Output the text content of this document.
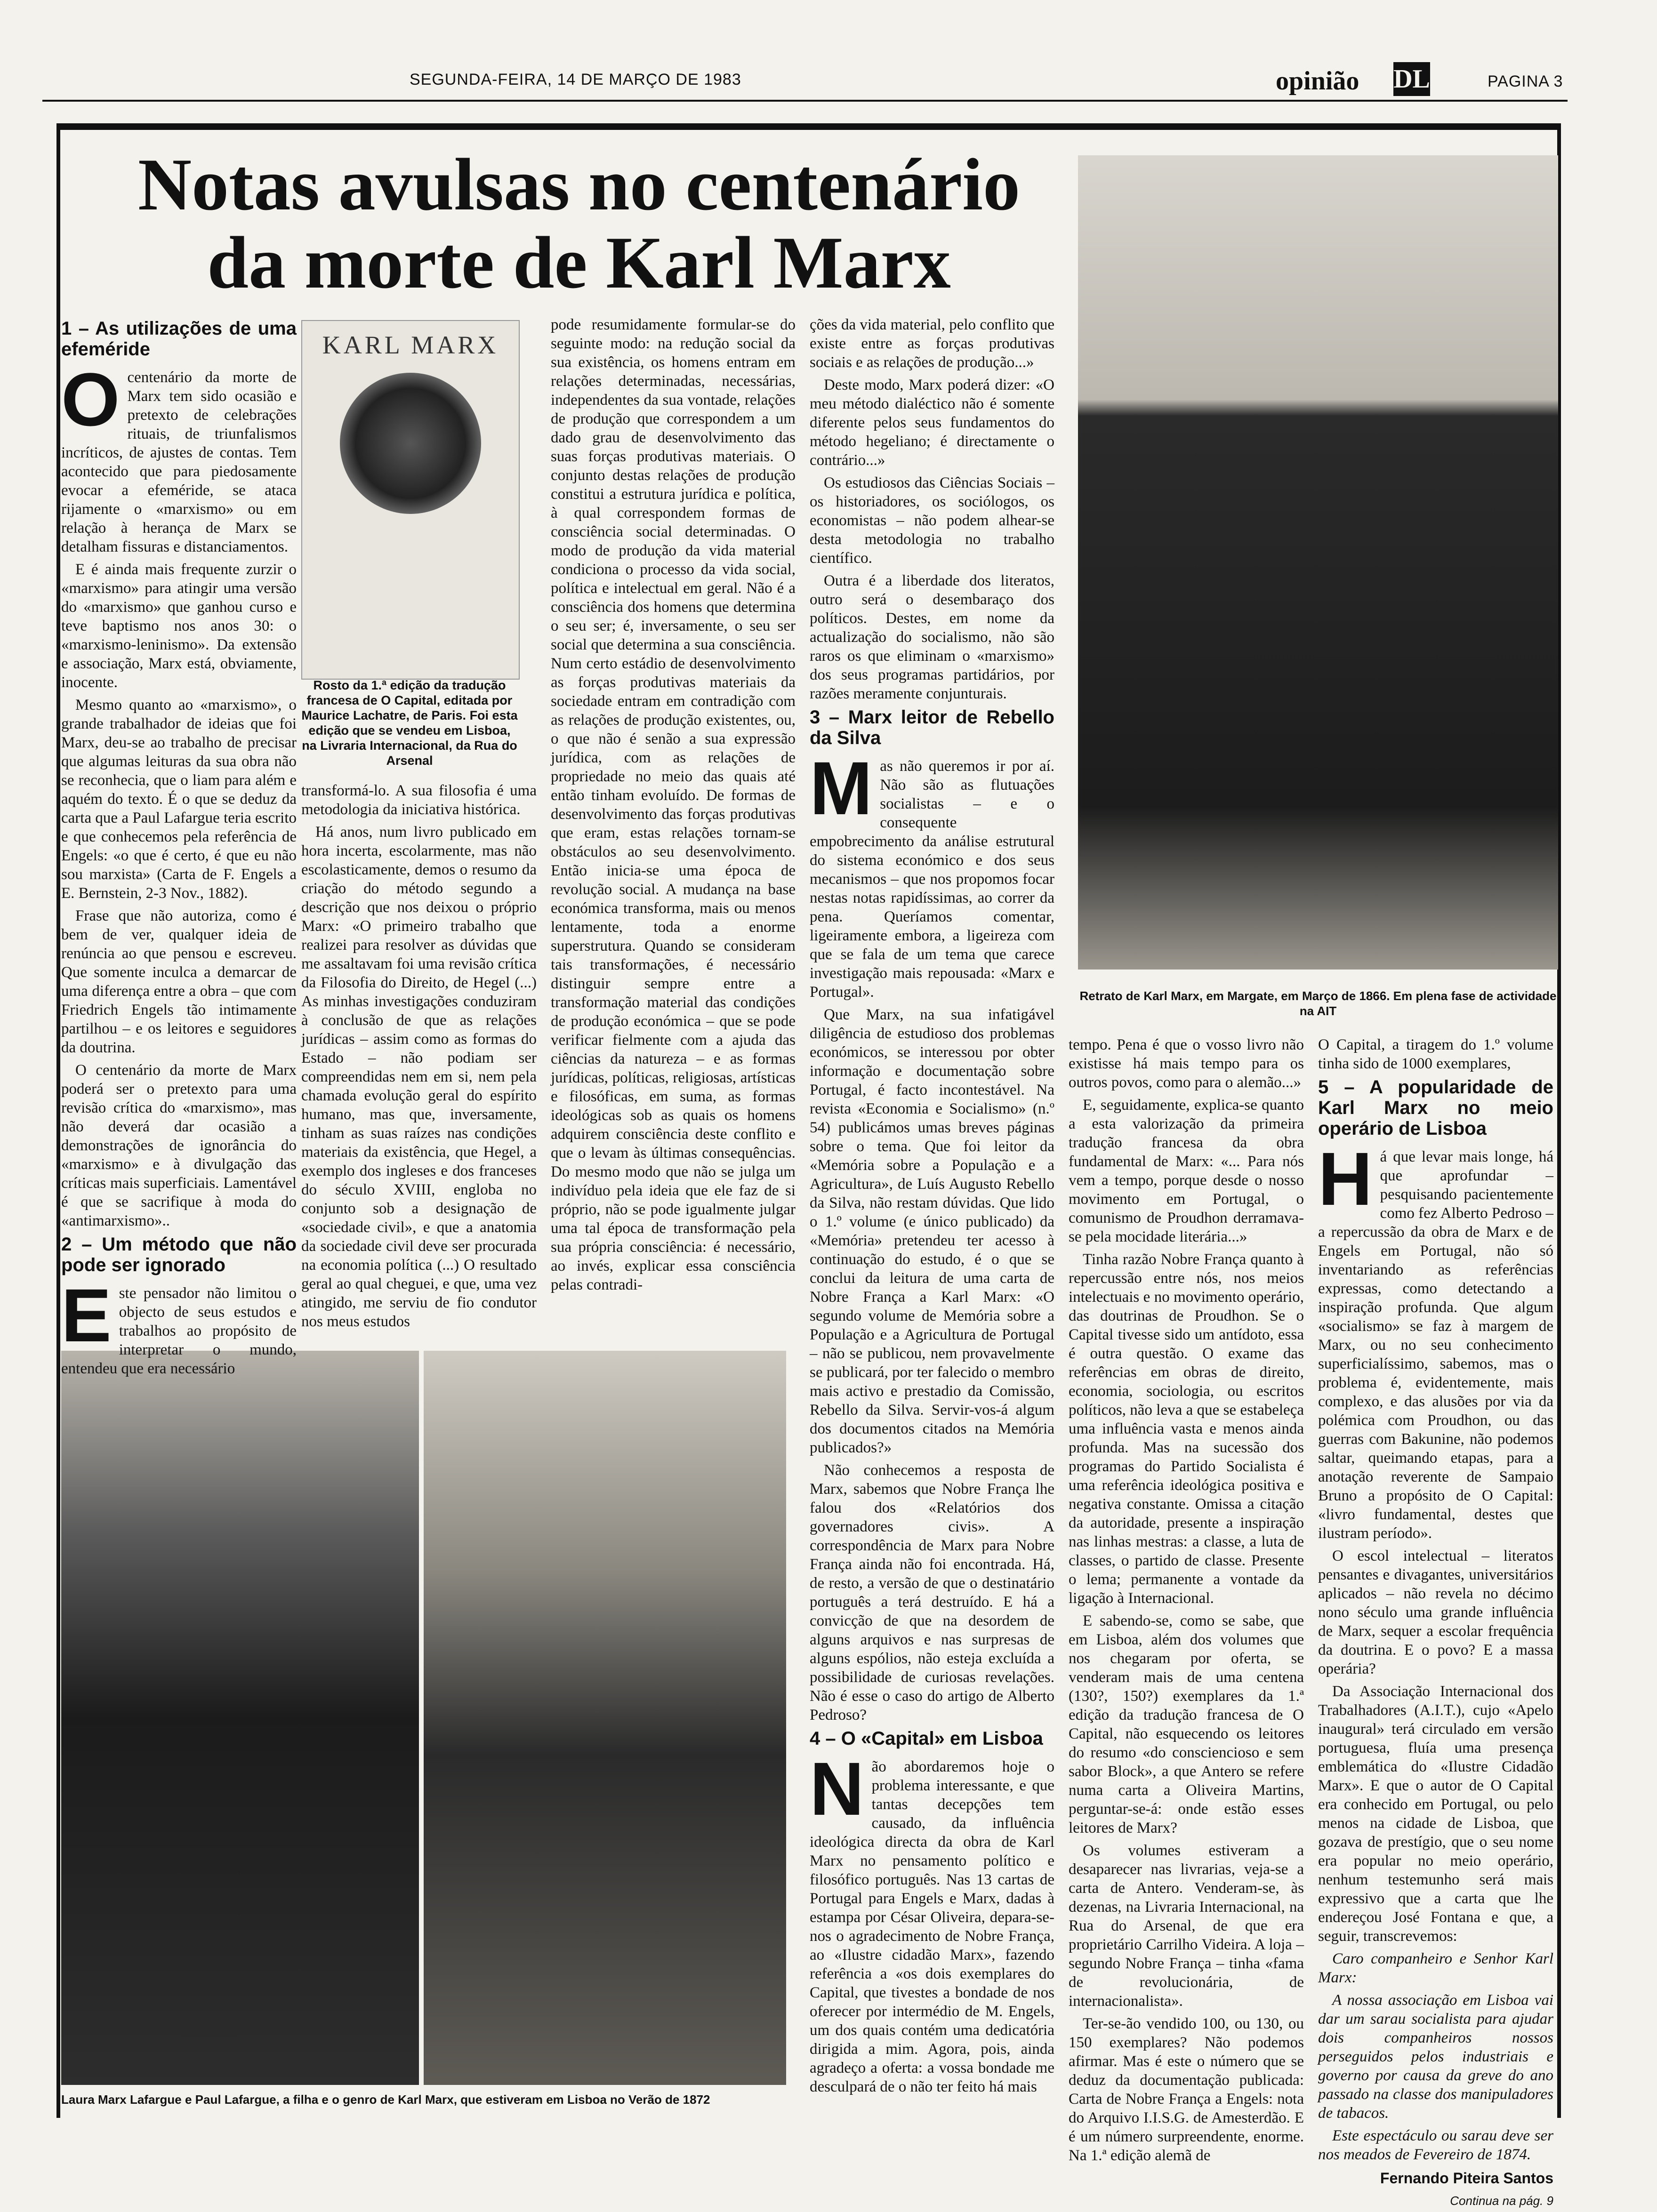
SEGUNDA-FEIRA, 14 DE MARÇO DE 1983	opinião DL	PAGINA 3
Notas avulsas no centenário
da morte de Karl Marx
KARL MARX
Rosto da 1.ª edição da tradução francesa de O Capital, editada por Maurice Lachatre, de Paris. Foi esta edição que se vendeu em Lisboa, na Livraria Internacional, da Rua do Arsenal
Retrato de Karl Marx, em Margate, em Março de 1866. Em plena fase de actividade na AIT
Laura Marx Lafargue e Paul Lafargue, a filha e o genro de Karl Marx, que estiveram em Lisboa no Verão de 1872
1 – As utilizações de uma efeméride

Ocentenário da morte de Marx tem sido ocasião e pretexto de celebrações rituais, de triunfalismos incríticos, de ajustes de contas. Tem acontecido que para piedosamente evocar a efeméride, se ataca rijamente o «marxismo» ou em relação à herança de Marx se detalham fissuras e distanciamentos.

E é ainda mais frequente zurzir o «marxismo» para atingir uma versão do «marxismo» que ganhou curso e teve baptismo nos anos 30: o «marxismo-leninismo». Da extensão e associação, Marx está, obviamente, inocente.

Mesmo quanto ao «marxismo», o grande trabalhador de ideias que foi Marx, deu-se ao trabalho de precisar que algumas leituras da sua obra não se reconhecia, que o liam para além e aquém do texto. É o que se deduz da carta que a Paul Lafargue teria escrito e que conhecemos pela referência de Engels: «o que é certo, é que eu não sou marxista» (Carta de F. Engels a E. Bernstein, 2-3 Nov., 1882).

Frase que não autoriza, como é bem de ver, qualquer ideia de renúncia ao que pensou e escreveu. Que somente inculca a demarcar de uma diferença entre a obra – que com Friedrich Engels tão intimamente partilhou – e os leitores e seguidores da doutrina.

O centenário da morte de Marx poderá ser o pretexto para uma revisão crítica do «marxismo», mas não deverá dar ocasião a demonstrações de ignorância do «marxismo» e à divulgação das críticas mais superficiais. Lamentável é que se sacrifique à moda do «antimarxismo»..

2 – Um método que não pode ser ignorado

Este pensador não limitou o objecto de seus estudos e trabalhos ao propósito de interpretar o mundo, entendeu que era necessário

transformá-lo. A sua filosofia é uma metodologia da iniciativa histórica.

Há anos, num livro publicado em hora incerta, escolarmente, mas não escolasticamente, demos o resumo da criação do método segundo a descrição que nos deixou o próprio Marx: «O primeiro trabalho que realizei para resolver as dúvidas que me assaltavam foi uma revisão crítica da Filosofia do Direito, de Hegel (...) As minhas investigações conduziram à conclusão de que as relações jurídicas – assim como as formas do Estado – não podiam ser compreendidas nem em si, nem pela chamada evolução geral do espírito humano, mas que, inversamente, tinham as suas raízes nas condições materiais da existência, que Hegel, a exemplo dos ingleses e dos franceses do século XVIII, engloba no conjunto sob a designação de «sociedade civil», e que a anatomia da sociedade civil deve ser procurada na economia política (...) O resultado geral ao qual cheguei, e que, uma vez atingido, me serviu de fio condutor nos meus estudos

pode resumidamente formular-se do seguinte modo: na redução social da sua existência, os homens entram em relações determinadas, necessárias, independentes da sua vontade, relações de produção que correspondem a um dado grau de desenvolvimento das suas forças produtivas materiais. O conjunto destas relações de produção constitui a estrutura jurídica e política, à qual correspondem formas de consciência social determinadas. O modo de produção da vida material condiciona o processo da vida social, política e intelectual em geral. Não é a consciência dos homens que determina o seu ser; é, inversamente, o seu ser social que determina a sua consciência. Num certo estádio de desenvolvimento as forças produtivas materiais da sociedade entram em contradição com as relações de produção existentes, ou, o que não é senão a sua expressão jurídica, com as relações de propriedade no meio das quais até então tinham evoluído. De formas de desenvolvimento das forças produtivas que eram, estas relações tornam-se obstáculos ao seu desenvolvimento. Então inicia-se uma época de revolução social. A mudança na base económica transforma, mais ou menos lentamente, toda a enorme superstrutura. Quando se consideram tais transformações, é necessário distinguir sempre entre a transformação material das condições de produção económica – que se pode verificar fielmente com a ajuda das ciências da natureza – e as formas jurídicas, políticas, religiosas, artísticas e filosóficas, em suma, as formas ideológicas sob as quais os homens adquirem consciência deste conflito e que o levam às últimas consequências. Do mesmo modo que não se julga um indivíduo pela ideia que ele faz de si próprio, não se pode igualmente julgar uma tal época de transformação pela sua própria consciência: é necessário, ao invés, explicar essa consciência pelas contradi-

ções da vida material, pelo conflito que existe entre as forças produtivas sociais e as relações de produção...»

Deste modo, Marx poderá dizer: «O meu método dialéctico não é somente diferente pelos seus fundamentos do método hegeliano; é directamente o contrário...»

Os estudiosos das Ciências Sociais – os historiadores, os sociólogos, os economistas – não podem alhear-se desta metodologia no trabalho científico.

Outra é a liberdade dos literatos, outro será o desembaraço dos políticos. Destes, em nome da actualização do socialismo, não são raros os que eliminam o «marxismo» dos seus programas partidários, por razões meramente conjunturais.

3 – Marx leitor de Rebello da Silva

Mas não queremos ir por aí. Não são as flutuações socialistas – e o consequente empobrecimento da análise estrutural do sistema económico e dos seus mecanismos – que nos propomos focar nestas notas rapidíssimas, ao correr da pena. Queríamos comentar, ligeiramente embora, a ligeireza com que se fala de um tema que carece investigação mais repousada: «Marx e Portugal».

Que Marx, na sua infatigável diligência de estudioso dos problemas económicos, se interessou por obter informação e documentação sobre Portugal, é facto incontestável. Na revista «Economia e Socialismo» (n.º 54) publicámos umas breves páginas sobre o tema. Que foi leitor da «Memória sobre a População e a Agricultura», de Luís Augusto Rebello da Silva, não restam dúvidas. Que lido o 1.º volume (e único publicado) da «Memória» pretendeu ter acesso à continuação do estudo, é o que se conclui da leitura de uma carta de Nobre França a Karl Marx: «O segundo volume de Memória sobre a População e a Agricultura de Portugal – não se publicou, nem provavelmente se publicará, por ter falecido o membro mais activo e prestadio da Comissão, Rebello da Silva. Servir-vos-á algum dos documentos citados na Memória publicados?»

Não conhecemos a resposta de Marx, sabemos que Nobre França lhe falou dos «Relatórios dos governadores civis». A correspondência de Marx para Nobre França ainda não foi encontrada. Há, de resto, a versão de que o destinatário português a terá destruído. E há a convicção de que na desordem de alguns arquivos e nas surpresas de alguns espólios, não esteja excluída a possibilidade de curiosas revelações. Não é esse o caso do artigo de Alberto Pedroso?

4 – O «Capital» em Lisboa

Não abordaremos hoje o problema interessante, e que tantas decepções tem causado, da influência ideológica directa da obra de Karl Marx no pensamento político e filosófico português. Nas 13 cartas de Portugal para Engels e Marx, dadas à estampa por César Oliveira, depara-se-nos o agradecimento de Nobre França, ao «Ilustre cidadão Marx», fazendo referência a «os dois exemplares do Capital, que tivestes a bondade de nos oferecer por intermédio de M. Engels, um dos quais contém uma dedicatória dirigida a mim. Agora, pois, ainda agradeço a oferta: a vossa bondade me desculpará de o não ter feito há mais

tempo. Pena é que o vosso livro não existisse há mais tempo para os outros povos, como para o alemão...»

E, seguidamente, explica-se quanto a esta valorização da primeira tradução francesa da obra fundamental de Marx: «... Para nós vem a tempo, porque desde o nosso movimento em Portugal, o comunismo de Proudhon derramava-se pela mocidade literária...»

Tinha razão Nobre França quanto à repercussão entre nós, nos meios intelectuais e no movimento operário, das doutrinas de Proudhon. Se o Capital tivesse sido um antídoto, essa é outra questão. O exame das referências em obras de direito, economia, sociologia, ou escritos políticos, não leva a que se estabeleça uma influência vasta e menos ainda profunda. Mas na sucessão dos programas do Partido Socialista é uma referência ideológica positiva e negativa constante. Omissa a citação da autoridade, presente a inspiração nas linhas mestras: a classe, a luta de classes, o partido de classe. Presente o lema; permanente a vontade da ligação à Internacional.

E sabendo-se, como se sabe, que em Lisboa, além dos volumes que nos chegaram por oferta, se venderam mais de uma centena (130?, 150?) exemplares da 1.ª edição da tradução francesa de O Capital, não esquecendo os leitores do resumo «do consciencioso e sem sabor Block», a que Antero se refere numa carta a Oliveira Martins, perguntar-se-á: onde estão esses leitores de Marx?

Os volumes estiveram a desaparecer nas livrarias, veja-se a carta de Antero. Venderam-se, às dezenas, na Livraria Internacional, na Rua do Arsenal, de que era proprietário Carrilho Videira. A loja – segundo Nobre França – tinha «fama de revolucionária, de internacionalista».

Ter-se-ão vendido 100, ou 130, ou 150 exemplares? Não podemos afirmar. Mas é este o número que se deduz da documentação publicada: Carta de Nobre França a Engels: nota do Arquivo I.I.S.G. de Amesterdão. E é um número surpreendente, enorme. Na 1.ª edição alemã de

O Capital, a tiragem do 1.º volume tinha sido de 1000 exemplares,

5 – A popularidade de Karl Marx no meio operário de Lisboa

Há que levar mais longe, há que aprofundar – pesquisando pacientemente como fez Alberto Pedroso – a repercussão da obra de Marx e de Engels em Portugal, não só inventariando as referências expressas, como detectando a inspiração profunda. Que algum «socialismo» se faz à margem de Marx, ou no seu conhecimento superficialíssimo, sabemos, mas o problema é, evidentemente, mais complexo, e das alusões por via da polémica com Proudhon, ou das guerras com Bakunine, não podemos saltar, queimando etapas, para a anotação reverente de Sampaio Bruno a propósito de O Capital: «livro fundamental, destes que ilustram período».

O escol intelectual – literatos pensantes e divagantes, universitários aplicados – não revela no décimo nono século uma grande influência de Marx, sequer a escolar frequência da doutrina. E o povo? E a massa operária?

Da Associação Internacional dos Trabalhadores (A.I.T.), cujo «Apelo inaugural» terá circulado em versão portuguesa, fluía uma presença emblemática do «Ilustre Cidadão Marx». E que o autor de O Capital era conhecido em Portugal, ou pelo menos na cidade de Lisboa, que gozava de prestígio, que o seu nome era popular no meio operário, nenhum testemunho será mais expressivo que a carta que lhe endereçou José Fontana e que, a seguir, transcrevemos:

Caro companheiro e Senhor Karl Marx:

A nossa associação em Lisboa vai dar um sarau socialista para ajudar dois companheiros nossos perseguidos pelos industriais e governo por causa da greve do ano passado na classe dos manipuladores de tabacos.

Este espectáculo ou sarau deve ser nos meados de Fevereiro de 1874.

Fernando Piteira Santos
Continua na pág. 9
